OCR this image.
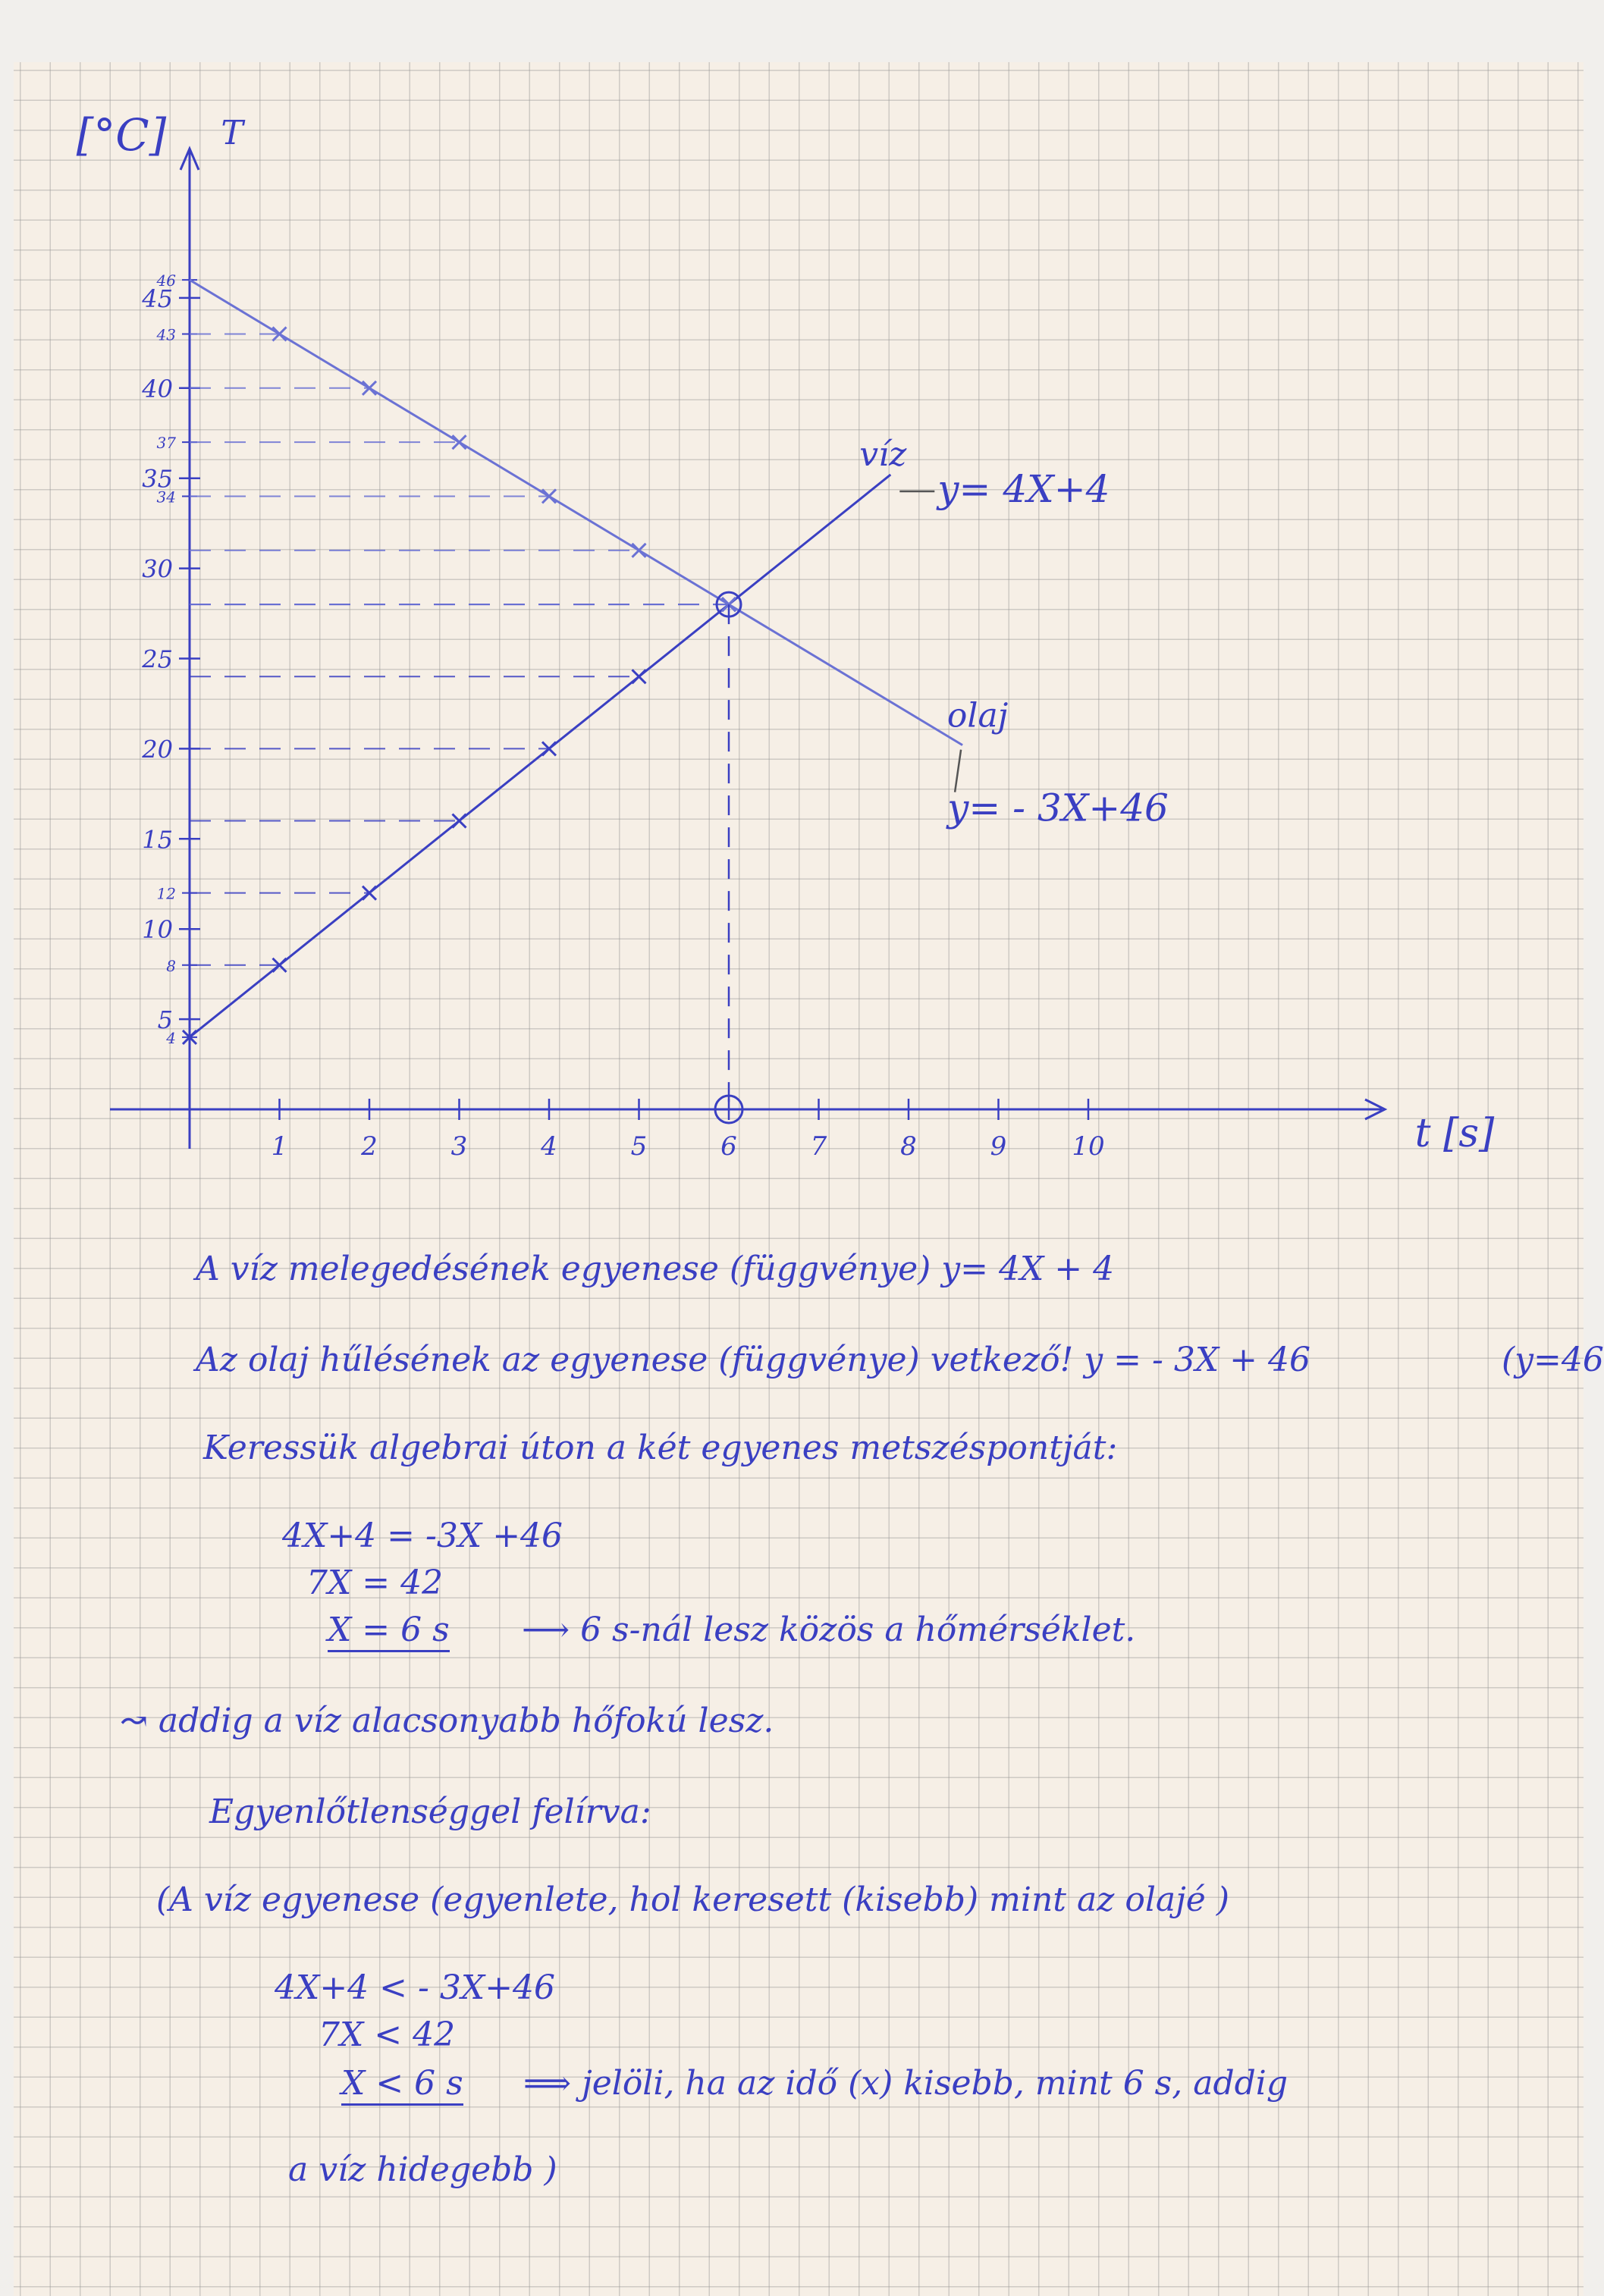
[°C] T
t [s]
1	2	3	4	5	6	7	8	9	10
5
10
15
20
25
30
35
40
45
4
8
12
34
37
43
46
víz
y= 4X+4
olaj
y= - 3X+46
A víz melegedésének egyenese (függvénye) y= 4X + 4
Az olaj hűlésének az egyenese (függvénye) vetkező! y = - 3X + 46	(y=46
Keressük algebrai úton a két egyenes metszéspontját:
4X+4 = -3X +46
7X = 42
X = 6 s ⟶ 6 s-nál lesz közös a hőmérséklet.
↝ addig a víz alacsonyabb hőfokú lesz.
Egyenlőtlenséggel felírva:
(A víz egyenese (egyenlete, hol keresett (kisebb) mint az olajé )
4X+4 < - 3X+46
7X < 42
X < 6 s ⟹ jelöli, ha az idő (x) kisebb, mint 6 s, addig
a víz hidegebb )
